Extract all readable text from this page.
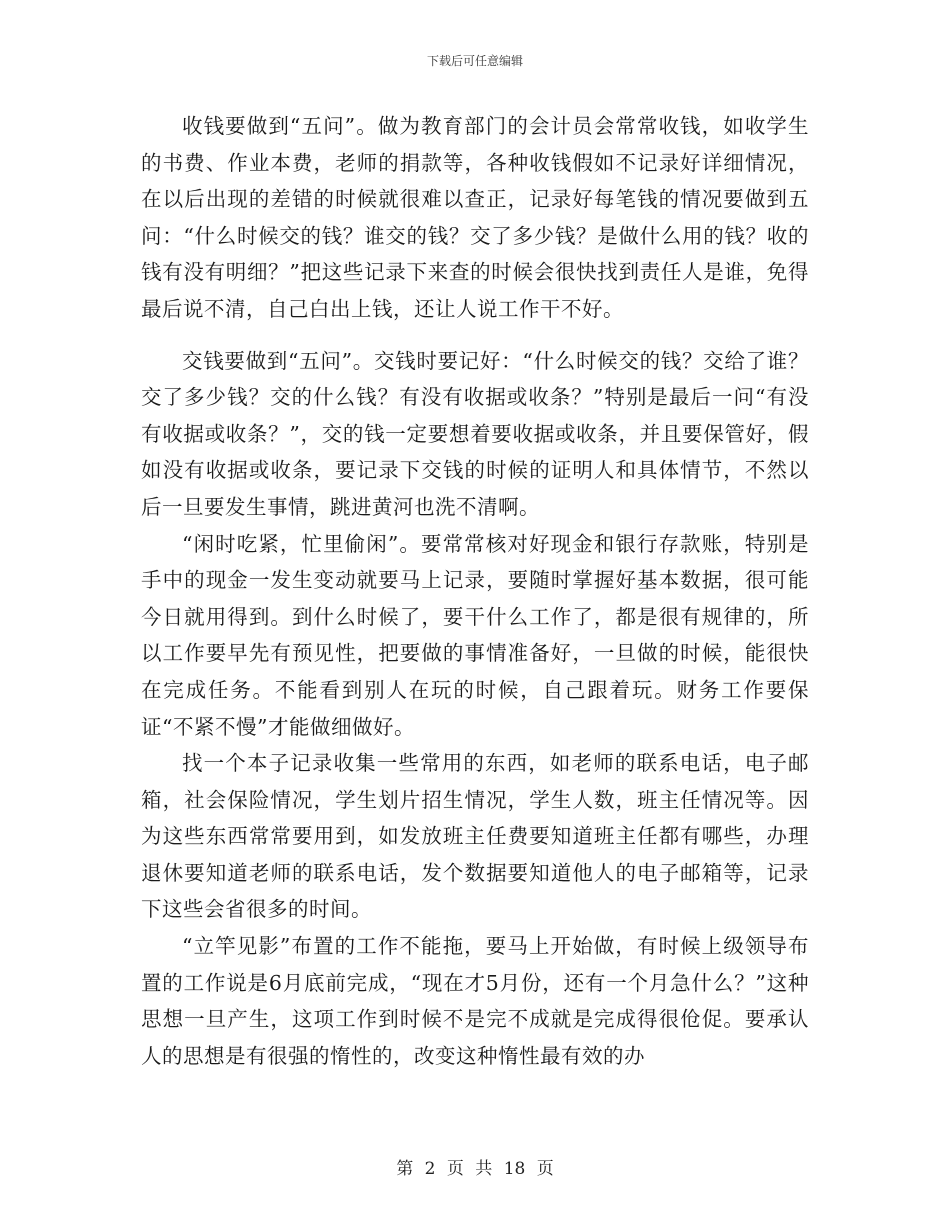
下载后可任意编辑

收钱要做到“五问”。做为教育部门的会计员会常常收钱，如收学生的书费、作业本费，老师的捐款等，各种收钱假如不记录好详细情况，在以后出现的差错的时候就很难以查正，记录好每笔钱的情况要做到五问：“什么时候交的钱？谁交的钱？交了多少钱？是做什么用的钱？收的钱有没有明细？”把这些记录下来查的时候会很快找到责任人是谁，免得最后说不清，自己白出上钱，还让人说工作干不好。

交钱要做到“五问”。交钱时要记好：“什么时候交的钱？交给了谁？交了多少钱？交的什么钱？有没有收据或收条？”特别是最后一问“有没有收据或收条？”，交的钱一定要想着要收据或收条，并且要保管好，假如没有收据或收条，要记录下交钱的时候的证明人和具体情节，不然以后一旦要发生事情，跳进黄河也洗不清啊。

“闲时吃紧，忙里偷闲”。要常常核对好现金和银行存款账，特别是手中的现金一发生变动就要马上记录，要随时掌握好基本数据，很可能今日就用得到。到什么时候了，要干什么工作了，都是很有规律的，所以工作要早先有预见性，把要做的事情准备好，一旦做的时候，能很快在完成任务。不能看到别人在玩的时候，自己跟着玩。财务工作要保证“不紧不慢”才能做细做好。

找一个本子记录收集一些常用的东西，如老师的联系电话，电子邮箱，社会保险情况，学生划片招生情况，学生人数，班主任情况等。因为这些东西常常要用到，如发放班主任费要知道班主任都有哪些，办理退休要知道老师的联系电话，发个数据要知道他人的电子邮箱等，记录下这些会省很多的时间。

“立竿见影”布置的工作不能拖，要马上开始做，有时候上级领导布置的工作说是6月底前完成，“现在才5月份，还有一个月急什么？”这种思想一旦产生，这项工作到时候不是完不成就是完成得很伧促。要承认人的思想是有很强的惰性的，改变这种惰性最有效的办

第 2 页 共 18 页
